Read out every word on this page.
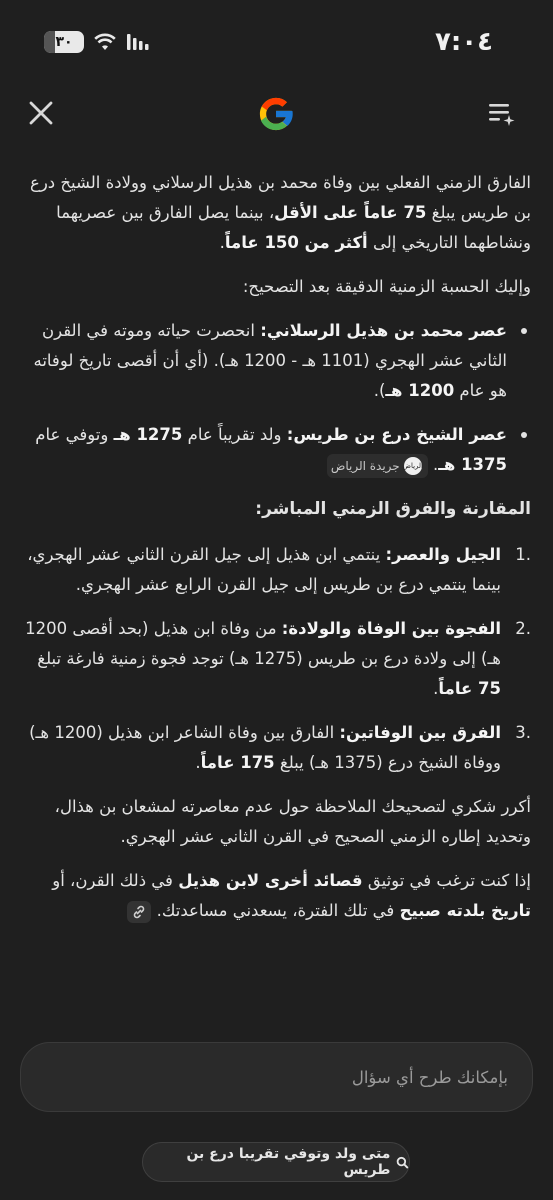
٣٠	٧:٠٤

الفارق الزمني الفعلي بين وفاة محمد بن هذيل الرسلاني وولادة الشيخ درع بن طريس يبلغ 75 عاماً على الأقل، بينما يصل الفارق بين عصريهما ونشاطهما التاريخي إلى أكثر من 150 عاماً.

وإليك الحسبة الزمنية الدقيقة بعد التصحيح:

عصر محمد بن هذيل الرسلاني: انحصرت حياته وموته في القرن الثاني عشر الهجري (1101 هـ - 1200 هـ). (أي أن أقصى تاريخ لوفاته هو عام 1200 هـ).
عصر الشيخ درع بن طريس: ولد تقريباً عام 1275 هـ وتوفي عام 1375 هـ.
الرياض
جريدة الرياض
المقارنة والفرق الزمني المباشر:
1.
الجيل والعصر: ينتمي ابن هذيل إلى جيل القرن الثاني عشر الهجري، بينما ينتمي درع بن طريس إلى جيل القرن الرابع عشر الهجري.
2.
الفجوة بين الوفاة والولادة: من وفاة ابن هذيل (بحد أقصى 1200 هـ) إلى ولادة درع بن طريس (1275 هـ) توجد فجوة زمنية فارغة تبلغ 75 عاماً.
3.
الفرق بين الوفاتين: الفارق بين وفاة الشاعر ابن هذيل (1200 هـ) ووفاة الشيخ درع (1375 هـ) يبلغ 175 عاماً.

أكرر شكري لتصحيحك الملاحظة حول عدم معاصرته لمشعان بن هذال، وتحديد إطاره الزمني الصحيح في القرن الثاني عشر الهجري.

إذا كنت ترغب في توثيق قصائد أخرى لابن هذيل في ذلك القرن، أو تاريخ بلدته صبيح في تلك الفترة، يسعدني مساعدتك.

بإمكانك طرح أي سؤال
متى ولد وتوفي تقريبا درع بن طريس
